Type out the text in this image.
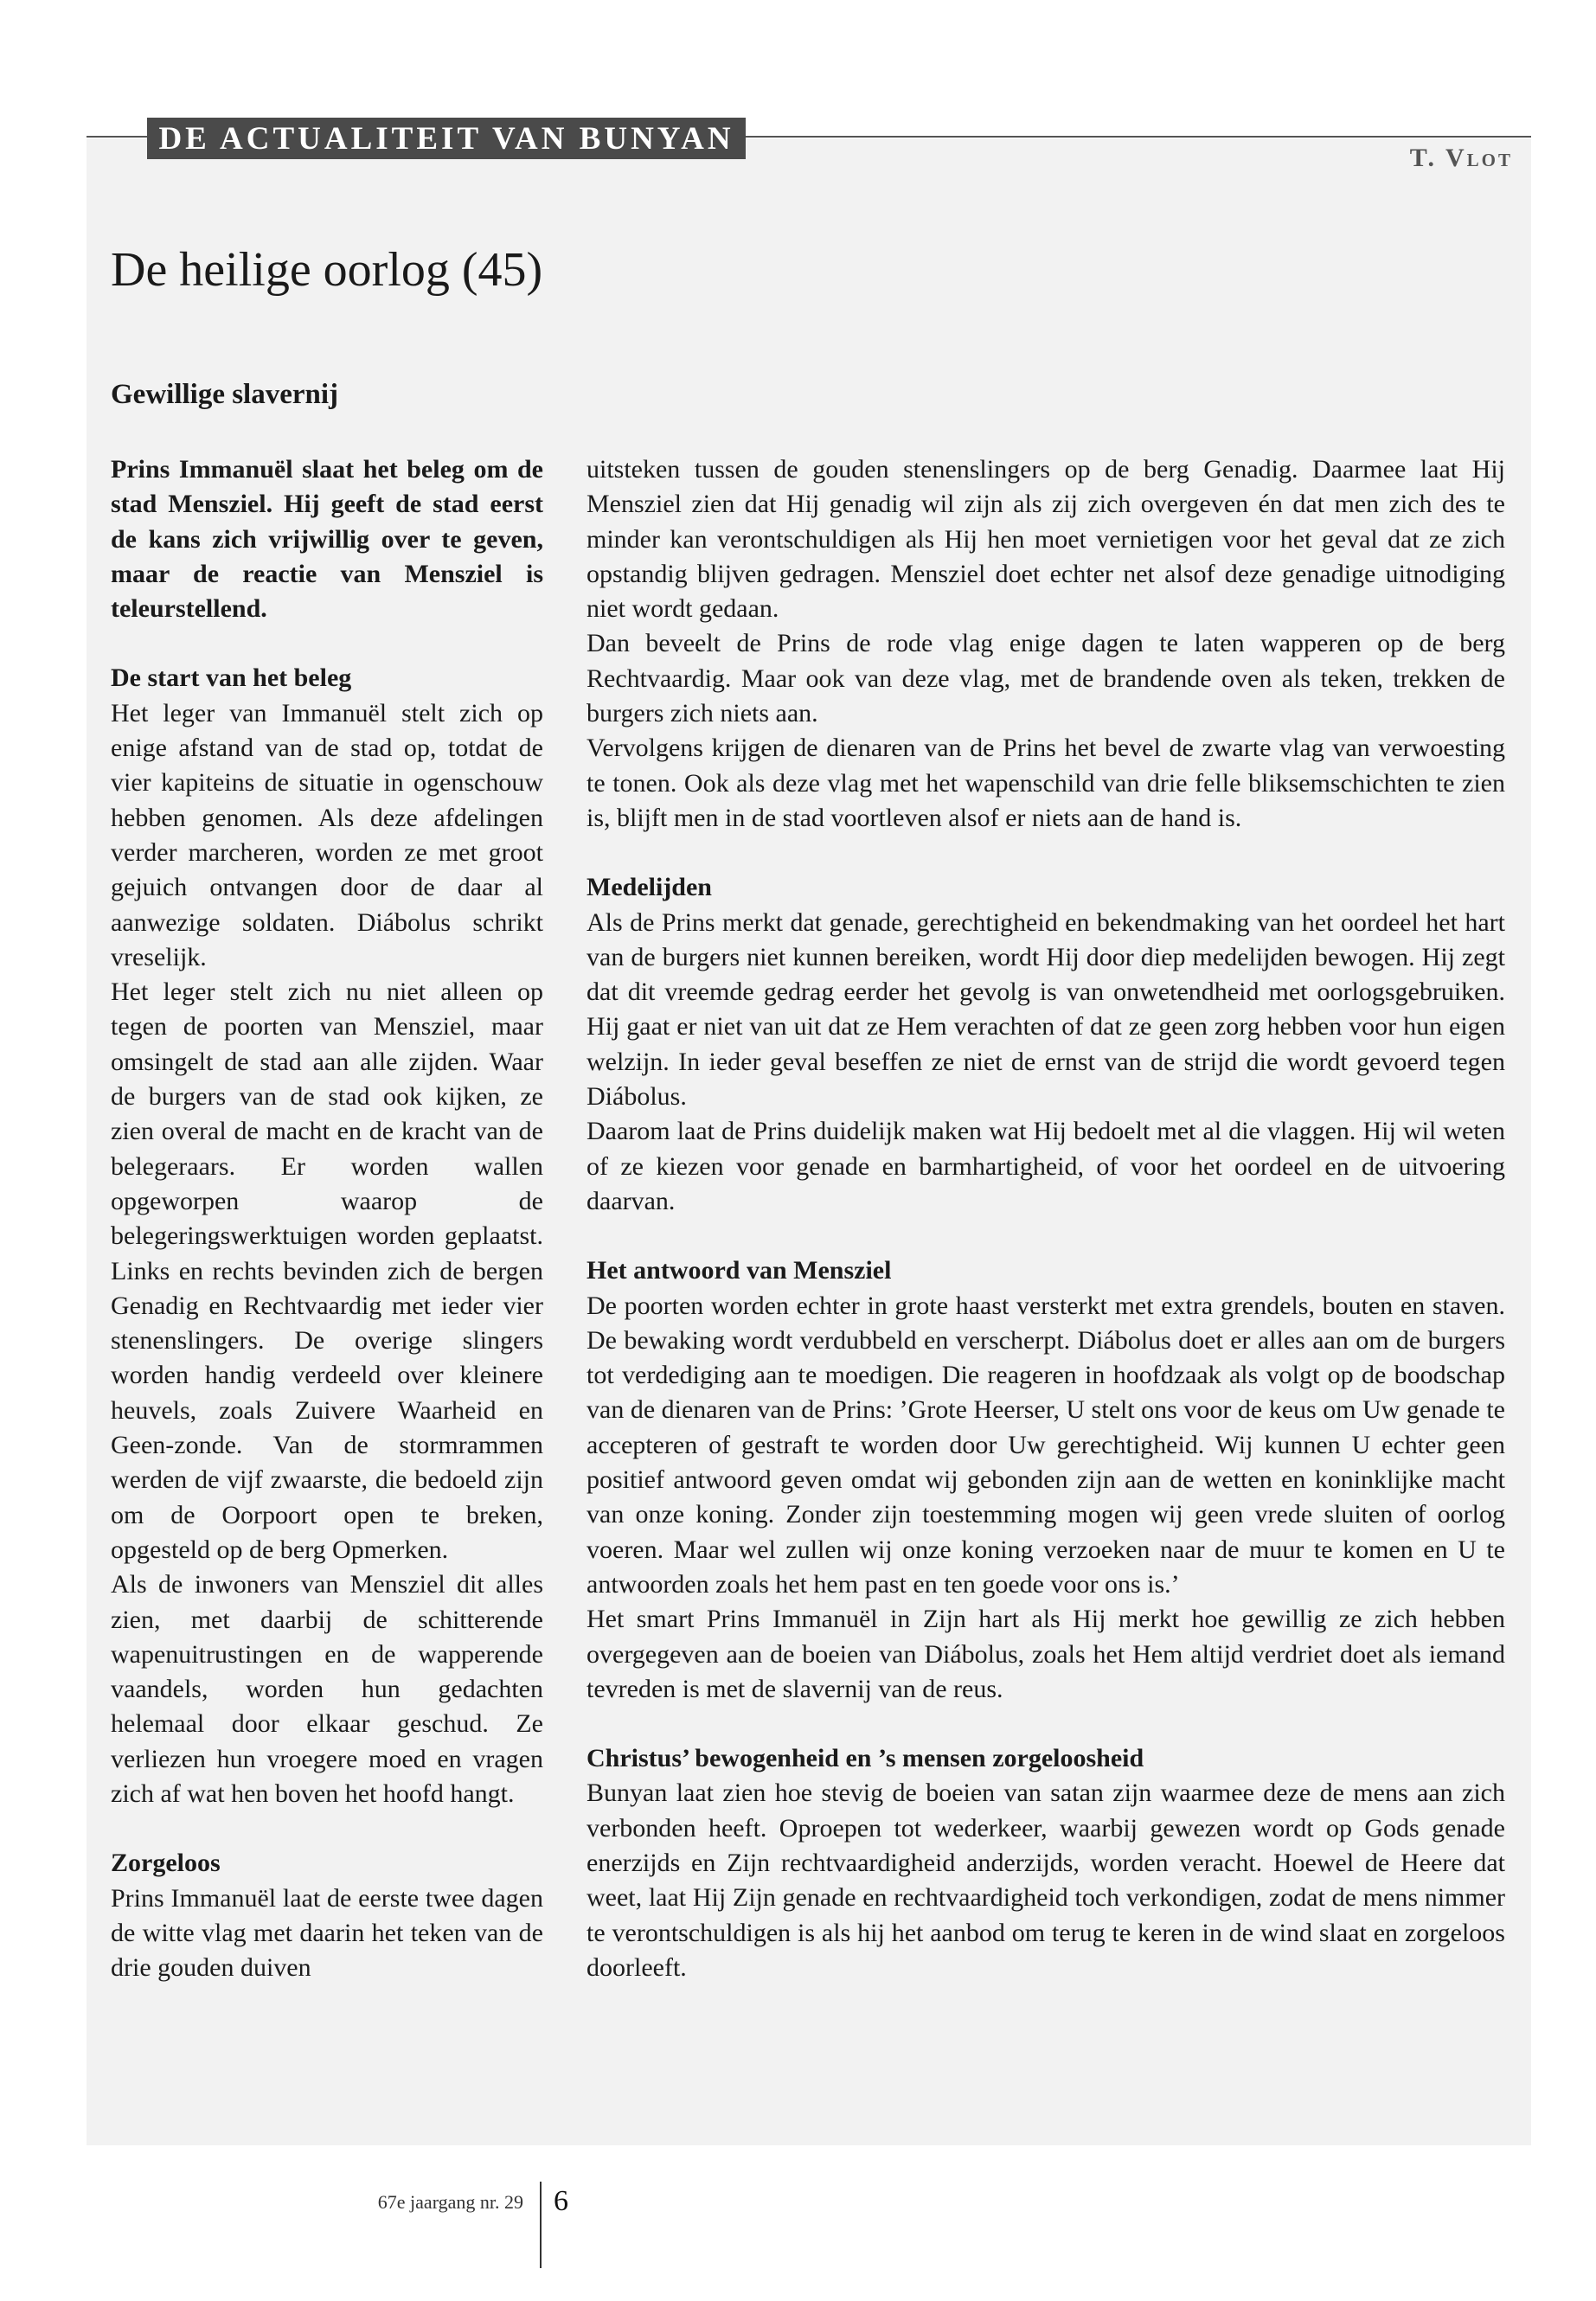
DE ACTUALITEIT VAN BUNYAN
T. Vlot
De heilige oorlog (45)
Gewillige slavernij

Prins Immanuël slaat het beleg om de stad Mensziel. Hij geeft de stad eerst de kans zich vrijwillig over te geven, maar de reactie van Mensziel is teleurstellend.

De start van het beleg

Het leger van Immanuël stelt zich op enige afstand van de stad op, totdat de vier kapiteins de situatie in ogenschouw hebben genomen. Als deze afdelingen verder marcheren, worden ze met groot gejuich ontvangen door de daar al aanwezige soldaten. Diábolus schrikt vreselijk.

Het leger stelt zich nu niet alleen op tegen de poorten van Mensziel, maar omsingelt de stad aan alle zijden. Waar de burgers van de stad ook kijken, ze zien overal de macht en de kracht van de belegeraars. Er worden wallen opgeworpen waarop de belegeringswerktuigen worden geplaatst. Links en rechts bevinden zich de bergen Genadig en Rechtvaardig met ieder vier stenenslingers. De overige slingers worden handig verdeeld over kleinere heuvels, zoals Zuivere Waarheid en Geen-zonde. Van de stormrammen werden de vijf zwaarste, die bedoeld zijn om de Oorpoort open te breken, opgesteld op de berg Opmerken.

Als de inwoners van Mensziel dit alles zien, met daarbij de schitterende wapenuitrustingen en de wapperende vaandels, worden hun gedachten helemaal door elkaar geschud. Ze verliezen hun vroegere moed en vragen zich af wat hen boven het hoofd hangt.

Zorgeloos

Prins Immanuël laat de eerste twee dagen de witte vlag met daarin het teken van de drie gouden duiven

uitsteken tussen de gouden stenenslingers op de berg Genadig. Daarmee laat Hij Mensziel zien dat Hij genadig wil zijn als zij zich overgeven én dat men zich des te minder kan verontschuldigen als Hij hen moet vernietigen voor het geval dat ze zich opstandig blijven gedragen. Mensziel doet echter net alsof deze genadige uitnodiging niet wordt gedaan.

Dan beveelt de Prins de rode vlag enige dagen te laten wapperen op de berg Rechtvaardig. Maar ook van deze vlag, met de brandende oven als teken, trekken de burgers zich niets aan.

Vervolgens krijgen de dienaren van de Prins het bevel de zwarte vlag van verwoesting te tonen. Ook als deze vlag met het wapenschild van drie felle bliksemschichten te zien is, blijft men in de stad voortleven alsof er niets aan de hand is.

Medelijden

Als de Prins merkt dat genade, gerechtigheid en bekendmaking van het oordeel het hart van de burgers niet kunnen bereiken, wordt Hij door diep medelijden bewogen. Hij zegt dat dit vreemde gedrag eerder het gevolg is van onwetendheid met oorlogsgebruiken. Hij gaat er niet van uit dat ze Hem verachten of dat ze geen zorg hebben voor hun eigen welzijn. In ieder geval beseffen ze niet de ernst van de strijd die wordt gevoerd tegen Diábolus.

Daarom laat de Prins duidelijk maken wat Hij bedoelt met al die vlaggen. Hij wil weten of ze kiezen voor genade en barmhartigheid, of voor het oordeel en de uitvoering daarvan.

Het antwoord van Mensziel

De poorten worden echter in grote haast versterkt met extra grendels, bouten en staven. De bewaking wordt verdubbeld en verscherpt. Diábolus doet er alles aan om de burgers tot verdediging aan te moedigen. Die reageren in hoofdzaak als volgt op de boodschap van de dienaren van de Prins: ’Grote Heerser, U stelt ons voor de keus om Uw genade te accepteren of gestraft te worden door Uw gerechtigheid. Wij kunnen U echter geen positief antwoord geven omdat wij gebonden zijn aan de wetten en koninklijke macht van onze koning. Zonder zijn toestemming mogen wij geen vrede sluiten of oorlog voeren. Maar wel zullen wij onze koning verzoeken naar de muur te komen en U te antwoorden zoals het hem past en ten goede voor ons is.’

Het smart Prins Immanuël in Zijn hart als Hij merkt hoe gewillig ze zich hebben overgegeven aan de boeien van Diábolus, zoals het Hem altijd verdriet doet als iemand tevreden is met de slavernij van de reus.

Christus’ bewogenheid en ’s mensen zorgeloosheid

Bunyan laat zien hoe stevig de boeien van satan zijn waarmee deze de mens aan zich verbonden heeft. Oproepen tot wederkeer, waarbij gewezen wordt op Gods genade enerzijds en Zijn rechtvaardigheid anderzijds, worden veracht. Hoewel de Heere dat weet, laat Hij Zijn genade en rechtvaardigheid toch verkondigen, zodat de mens nimmer te verontschuldigen is als hij het aanbod om terug te keren in de wind slaat en zorgeloos doorleeft.

67e jaargang nr. 29 6
